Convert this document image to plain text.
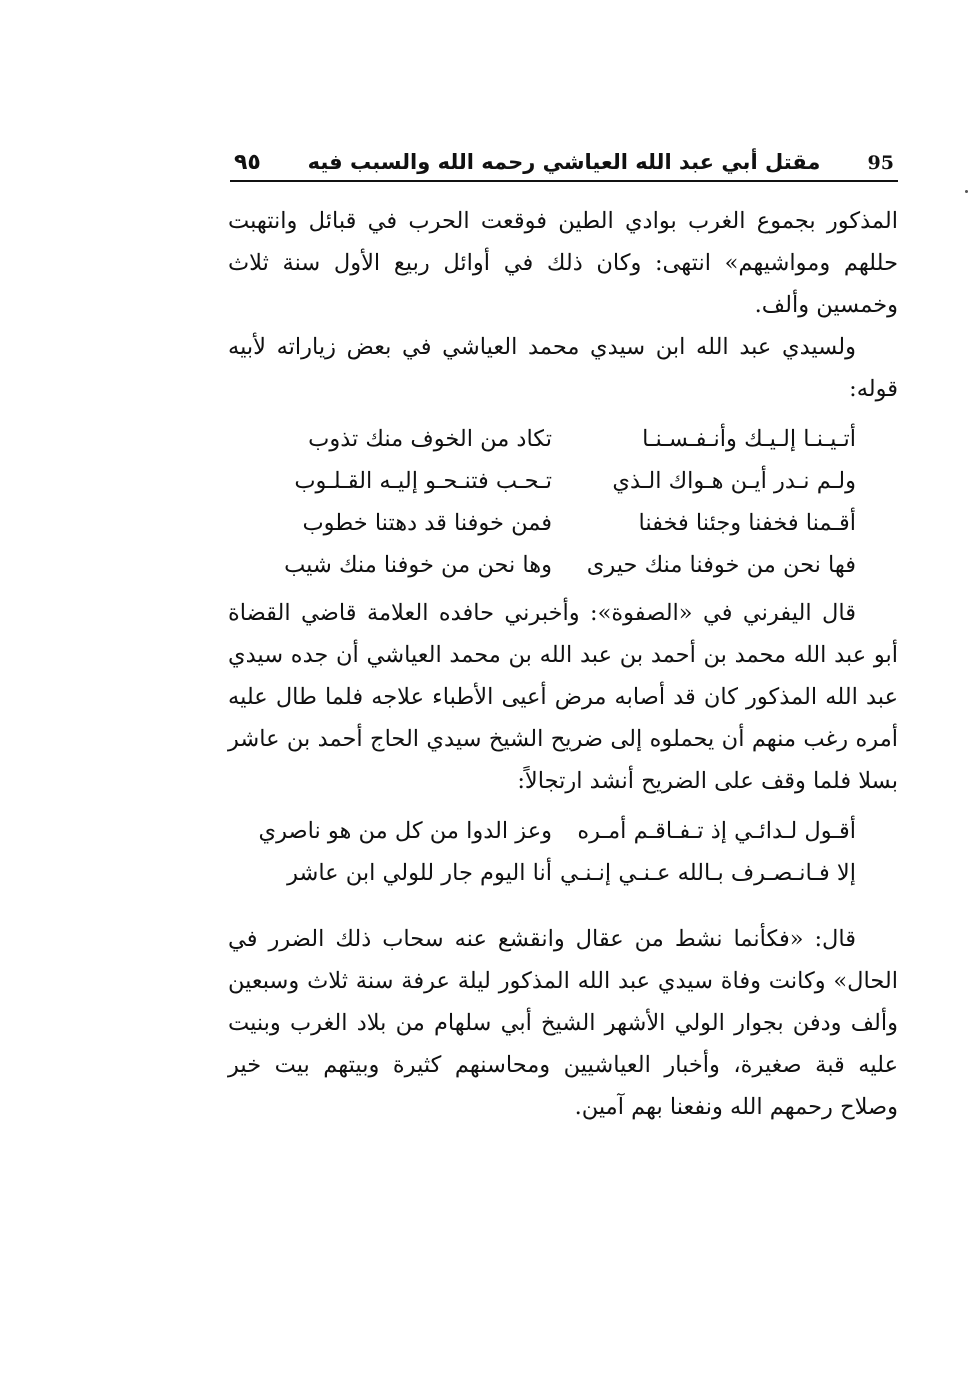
٩٥	مقتل أبي عبد الله العياشي رحمه الله والسبب فيه	95

المذكور بجموع الغرب بوادي الطين فوقعت الحرب في قبائل وانتهبت حللهم ومواشيهم» انتهى: وكان ذلك في أوائل ربيع الأول سنة ثلاث وخمسين وألف.

ولسيدي عبد الله ابن سيدي محمد العياشي في بعض زياراته لأبيه قوله:

أتـيـنـا إلـيـك وأنـفـسـنـا
تكاد من الخوف منك تذوب
ولـم نـدر أيـن هـواك الـذي
تـحـب فتنـحـو إليـه القـلـوب
أقـمنا فخفنا وجئنا فخفنا
فمن خوفنا قد دهتنا خطوب
فها نحن من خوفنا منك حيرى
وها نحن من خوفنا منك شيب

قال اليفرني في «الصفوة»: وأخبرني حافده العلامة قاضي القضاة أبو عبد الله محمد بن أحمد بن عبد الله بن محمد العياشي أن جده سيدي عبد الله المذكور كان قد أصابه مرض أعيى الأطباء علاجه فلما طال عليه أمره رغب منهم أن يحملوه إلى ضريح الشيخ سيدي الحاج أحمد بن عاشر بسلا فلما وقف على الضريح أنشد ارتجالاً:

أقـول لـدائـي إذ تـفـاقـم أمـره
وعز الدوا من كل من هو ناصري
إلا فـانـصـرف بـالله عـنـي إنـنـي
أنا اليوم جار للولي ابن عاشر

قال: «فكأنما نشط من عقال وانقشع عنه سحاب ذلك الضرر في الحال» وكانت وفاة سيدي عبد الله المذكور ليلة عرفة سنة ثلاث وسبعين وألف ودفن بجوار الولي الأشهر الشيخ أبي سلهام من بلاد الغرب وبنيت عليه قبة صغيرة، وأخبار العياشيين ومحاسنهم كثيرة وبيتهم بيت خير وصلاح رحمهم الله ونفعنا بهم آمين.
